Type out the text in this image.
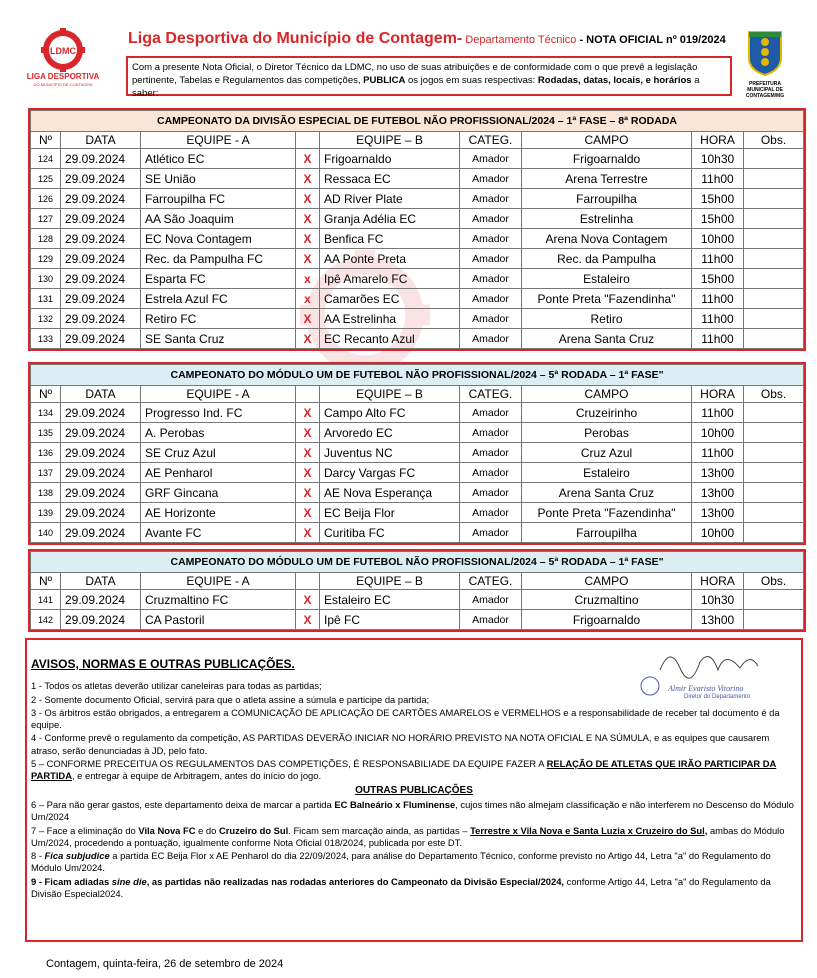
LDMC
LIGA DESPORTIVA
DO MUNICÍPIO DE CONTAGEM
Liga Desportiva do Município de Contagem- Departamento Técnico - NOTA OFICIAL nº 019/2024
Com a presente Nota Oficial, o Diretor Técnico da LDMC, no uso de suas atribuições e de conformidade com o que prevê a legislação pertinente, Tabelas e Regulamentos das competições, PUBLICA os jogos em suas respectivas: Rodadas, datas, locais, e horários a saber:
PREFEITURA MUNICIPAL DE CONTAGEM/MG
CAMPEONATO DA DIVISÃO ESPECIAL DE FUTEBOL NÃO PROFISSIONAL/2024 – 1ª FASE – 8ª RODADA								
Nº	DATA	EQUIPE - A		EQUIPE – B	CATEG.	CAMPO	HORA	Obs.
124	29.09.2024	Atlético EC	X	Frigoarnaldo	Amador	Frigoarnaldo	10h30	
125	29.09.2024	SE União	X	Ressaca EC	Amador	Arena Terrestre	11h00	
126	29.09.2024	Farroupilha FC	X	AD River Plate	Amador	Farroupilha	15h00	
127	29.09.2024	AA São Joaquim	X	Granja Adélia EC	Amador	Estrelinha	15h00	
128	29.09.2024	EC Nova Contagem	X	Benfica FC	Amador	Arena Nova Contagem	10h00	
129	29.09.2024	Rec. da Pampulha FC	X	AA Ponte Preta	Amador	Rec. da Pampulha	11h00	
130	29.09.2024	Esparta FC	x	Ipê Amarelo FC	Amador	Estaleiro	15h00	
131	29.09.2024	Estrela Azul FC	x	Camarões EC	Amador	Ponte Preta "Fazendinha"	11h00	
132	29.09.2024	Retiro FC	X	AA Estrelinha	Amador	Retiro	11h00	
133	29.09.2024	SE Santa Cruz	X	EC Recanto Azul	Amador	Arena Santa Cruz	11h00	
CAMPEONATO DO MÓDULO UM DE FUTEBOL NÃO PROFISSIONAL/2024 – 5ª RODADA – 1ª FASE"								
Nº	DATA	EQUIPE - A		EQUIPE – B	CATEG.	CAMPO	HORA	Obs.
134	29.09.2024	Progresso Ind. FC	X	Campo Alto FC	Amador	Cruzeirinho	11h00	
135	29.09.2024	A. Perobas	X	Arvoredo EC	Amador	Perobas	10h00	
136	29.09.2024	SE Cruz Azul	X	Juventus NC	Amador	Cruz Azul	11h00	
137	29.09.2024	AE Penharol	X	Darcy Vargas FC	Amador	Estaleiro	13h00	
138	29.09.2024	GRF Gincana	X	AE Nova Esperança	Amador	Arena Santa Cruz	13h00	
139	29.09.2024	AE Horizonte	X	EC Beija Flor	Amador	Ponte Preta "Fazendinha"	13h00	
140	29.09.2024	Avante FC	X	Curitiba FC	Amador	Farroupilha	10h00	
CAMPEONATO DO MÓDULO UM DE FUTEBOL NÃO PROFISSIONAL/2024 – 5ª RODADA – 1ª FASE"								
Nº	DATA	EQUIPE - A		EQUIPE – B	CATEG.	CAMPO	HORA	Obs.
141	29.09.2024	Cruzmaltino FC	X	Estaleiro EC	Amador	Cruzmaltino	10h30	
142	29.09.2024	CA Pastoril	X	Ipê FC	Amador	Frigoarnaldo	13h00	
AVISOS, NORMAS E OUTRAS PUBLICAÇÕES.

1 - Todos os atletas deverão utilizar caneleiras para todas as partidas;

2 - Somente documento Oficial, servirá para que o atleta assine a súmula e participe da partida;

3 - Os árbitros estão obrigados, a entregarem a COMUNICAÇÃO DE APLICAÇÃO DE CARTÕES AMARELOS e VERMELHOS e a responsabilidade de receber tal documento é da equipe.

4 - Conforme prevê o regulamento da competição, AS PARTIDAS DEVERÃO INICIAR NO HORÁRIO PREVISTO NA NOTA OFICIAL E NA SÚMULA, e as equipes que causarem atraso, serão denunciadas à JD, pelo fato.

5 – CONFORME PRECEITUA OS REGULAMENTOS DAS COMPETIÇÕES, É RESPONSABILIADE DA EQUIPE FAZER A RELAÇÃO DE ATLETAS QUE IRÃO PARTICIPAR DA PARTIDA, e entregar à equipe de Arbitragem, antes do início do jogo.

OUTRAS PUBLICAÇÕES

6 – Para não gerar gastos, este departamento deixa de marcar a partida EC Balneário x Fluminense, cujos times não almejam classificação e não interferem no Descenso do Módulo Um/2024

7 – Face a eliminação do Vila Nova FC e do Cruzeiro do Sul. Ficam sem marcação ainda, as partidas – Terrestre x Vila Nova e Santa Luzia x Cruzeiro do Sul, ambas do Módulo Um/2024, procedendo a pontuação, igualmente conforme Nota Oficial 018/2024, publicada por este DT.

8 - Fica subjudice a partida EC Beija Flor x AE Penharol do dia 22/09/2024, para análise do Departamento Técnico, conforme previsto no Artigo 44, Letra "a" do Regulamento do Módulo Um/2024.

9 - Ficam adiadas sine die, as partidas não realizadas nas rodadas anteriores do Campeonato da Divisão Especial/2024, conforme Artigo 44, Letra "a" do Regulamento da Divisão Especial2024.

Almir Evaristo Vitorino
Diretor do Departamento
Contagem, quinta-feira, 26 de setembro de 2024
